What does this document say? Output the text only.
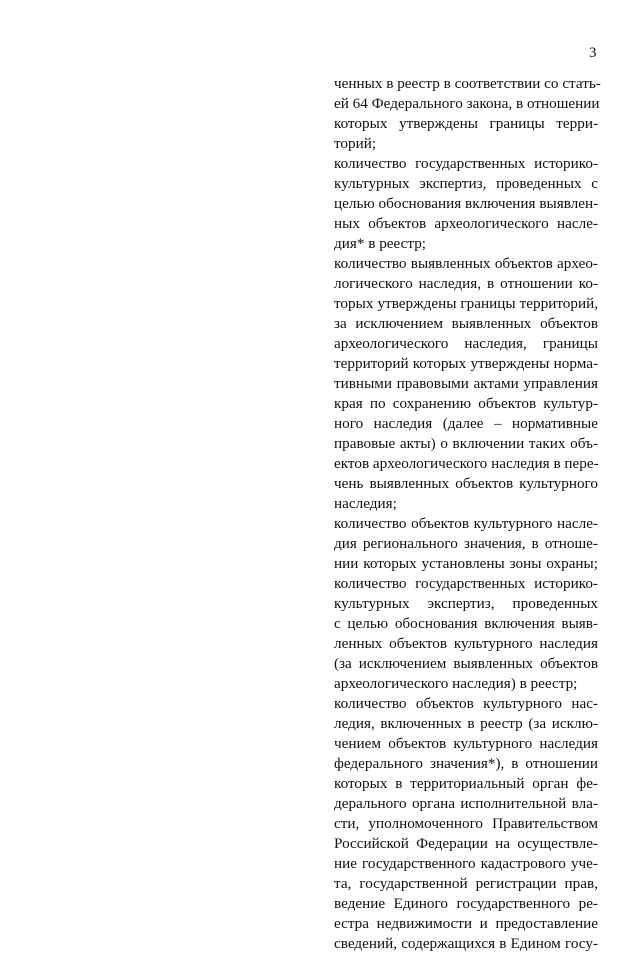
3
ченных в реестр в соответствии со стать-
ей 64 Федерального закона, в отношении
которых утверждены границы терри-
торий;
количество государственных историко-
культурных экспертиз, проведенных с
целью обоснования включения выявлен-
ных объектов археологического насле-
дия* в реестр;
количество выявленных объектов архео-
логического наследия, в отношении ко-
торых утверждены границы территорий,
за исключением выявленных объектов
археологического наследия, границы
территорий которых утверждены норма-
тивными правовыми актами управления
края по сохранению объектов культур-
ного наследия (далее – нормативные
правовые акты) о включении таких объ-
ектов археологического наследия в пере-
чень выявленных объектов культурного
наследия;
количество объектов культурного насле-
дия регионального значения, в отноше-
нии которых установлены зоны охраны;
количество государственных историко-
культурных экспертиз, проведенных
с целью обоснования включения выяв-
ленных объектов культурного наследия
(за исключением выявленных объектов
археологического наследия) в реестр;
количество объектов культурного нас-
ледия, включенных в реестр (за исклю-
чением объектов культурного наследия
федерального значения*), в отношении
которых в территориальный орган фе-
дерального органа исполнительной вла-
сти, уполномоченного Правительством
Российской Федерации на осуществле-
ние государственного кадастрового уче-
та, государственной регистрации прав,
ведение Единого государственного ре-
естра недвижимости и предоставление
сведений, содержащихся в Едином госу-
